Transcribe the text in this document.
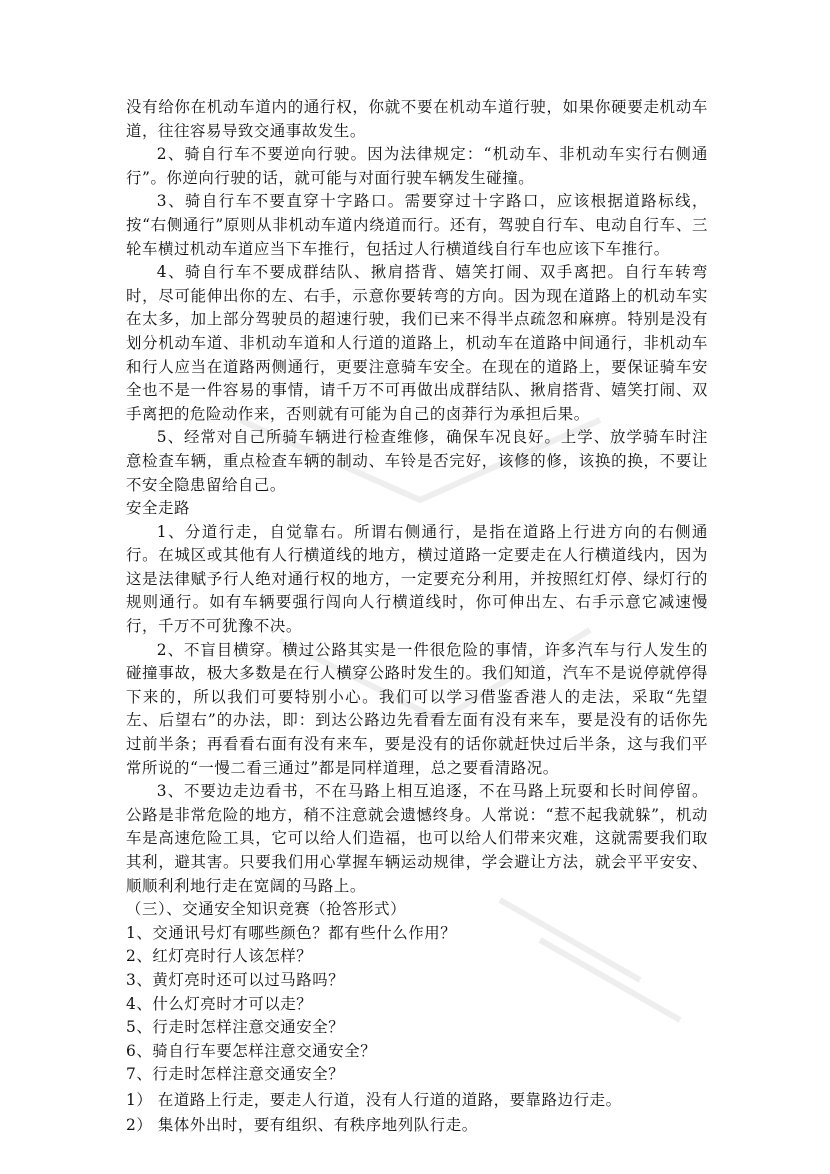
没有给你在机动车道内的通行权，你就不要在机动车道行驶，如果你硬要走机动车道，往往容易导致交通事故发生。

2、骑自行车不要逆向行驶。因为法律规定：“机动车、非机动车实行右侧通行”。你逆向行驶的话，就可能与对面行驶车辆发生碰撞。

3、骑自行车不要直穿十字路口。需要穿过十字路口，应该根据道路标线，按“右侧通行”原则从非机动车道内绕道而行。还有，驾驶自行车、电动自行车、三轮车横过机动车道应当下车推行，包括过人行横道线自行车也应该下车推行。

4、骑自行车不要成群结队、揪肩搭背、嬉笑打闹、双手离把。自行车转弯时，尽可能伸出你的左、右手，示意你要转弯的方向。因为现在道路上的机动车实在太多，加上部分驾驶员的超速行驶，我们已来不得半点疏忽和麻痹。特别是没有划分机动车道、非机动车道和人行道的道路上，机动车在道路中间通行，非机动车和行人应当在道路两侧通行，更要注意骑车安全。在现在的道路上，要保证骑车安全也不是一件容易的事情，请千万不可再做出成群结队、揪肩搭背、嬉笑打闹、双手离把的危险动作来，否则就有可能为自己的卤莽行为承担后果。

5、经常对自己所骑车辆进行检查维修，确保车况良好。上学、放学骑车时注意检查车辆，重点检查车辆的制动、车铃是否完好，该修的修，该换的换，不要让不安全隐患留给自己。

安全走路

1、分道行走，自觉靠右。所谓右侧通行，是指在道路上行进方向的右侧通行。在城区或其他有人行横道线的地方，横过道路一定要走在人行横道线内，因为这是法律赋予行人绝对通行权的地方，一定要充分利用，并按照红灯停、绿灯行的规则通行。如有车辆要强行闯向人行横道线时，你可伸出左、右手示意它减速慢行，千万不可犹豫不决。

2、不盲目横穿。横过公路其实是一件很危险的事情，许多汽车与行人发生的碰撞事故，极大多数是在行人横穿公路时发生的。我们知道，汽车不是说停就停得下来的，所以我们可要特别小心。我们可以学习借鉴香港人的走法，采取“先望左、后望右”的办法，即：到达公路边先看看左面有没有来车，要是没有的话你先过前半条；再看看右面有没有来车，要是没有的话你就赶快过后半条，这与我们平常所说的“一慢二看三通过”都是同样道理，总之要看清路况。

3、不要边走边看书，不在马路上相互追逐，不在马路上玩耍和长时间停留。公路是非常危险的地方，稍不注意就会遗憾终身。人常说：“惹不起我就躲”，机动车是高速危险工具，它可以给人们造福，也可以给人们带来灾难，这就需要我们取其利，避其害。只要我们用心掌握车辆运动规律，学会避让方法，就会平平安安、顺顺利利地行走在宽阔的马路上。

（三）、交通安全知识竞赛（抢答形式）

1、交通讯号灯有哪些颜色？都有些什么作用？

2、红灯亮时行人该怎样？

3、黄灯亮时还可以过马路吗？

4、什么灯亮时才可以走？

5、行走时怎样注意交通安全？

6、骑自行车要怎样注意交通安全？

7、行走时怎样注意交通安全？

1） 在道路上行走，要走人行道，没有人行道的道路，要靠路边行走。

2） 集体外出时，要有组织、有秩序地列队行走。
